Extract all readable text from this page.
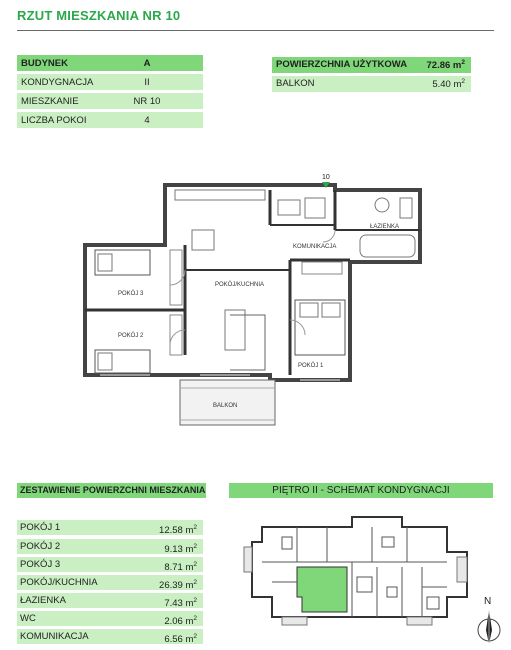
RZUT MIESZKANIA NR 10
BUDYNEK	A
KONDYGNACJA	II
MIESZKANIE	NR 10
LICZBA POKOI	4
POWIERZCHNIA UŻYTKOWA 72.86 $m^2$
BALKON	5.40 $m^2$
10
ŁAZIENKA
KOMUNIKACJA
POKÓJ 3
POKÓJ/KUCHNIA
POKÓJ 2
POKÓJ 1
BALKON
ZESTAWIENIE POWIERZCHNI MIESZKANIA
POKÓJ 1	12.58 $m^2$
POKÓJ 2	9.13 $m^2$
POKÓJ 3	8.71 $m^2$
POKÓJ/KUCHNIA	26.39 $m^2$
ŁAZIENKA	7.43 $m^2$
WC	2.06 $m^2$
KOMUNIKACJA	6.56 $m^2$
PIĘTRO II - SCHEMAT KONDYGNACJI
N
